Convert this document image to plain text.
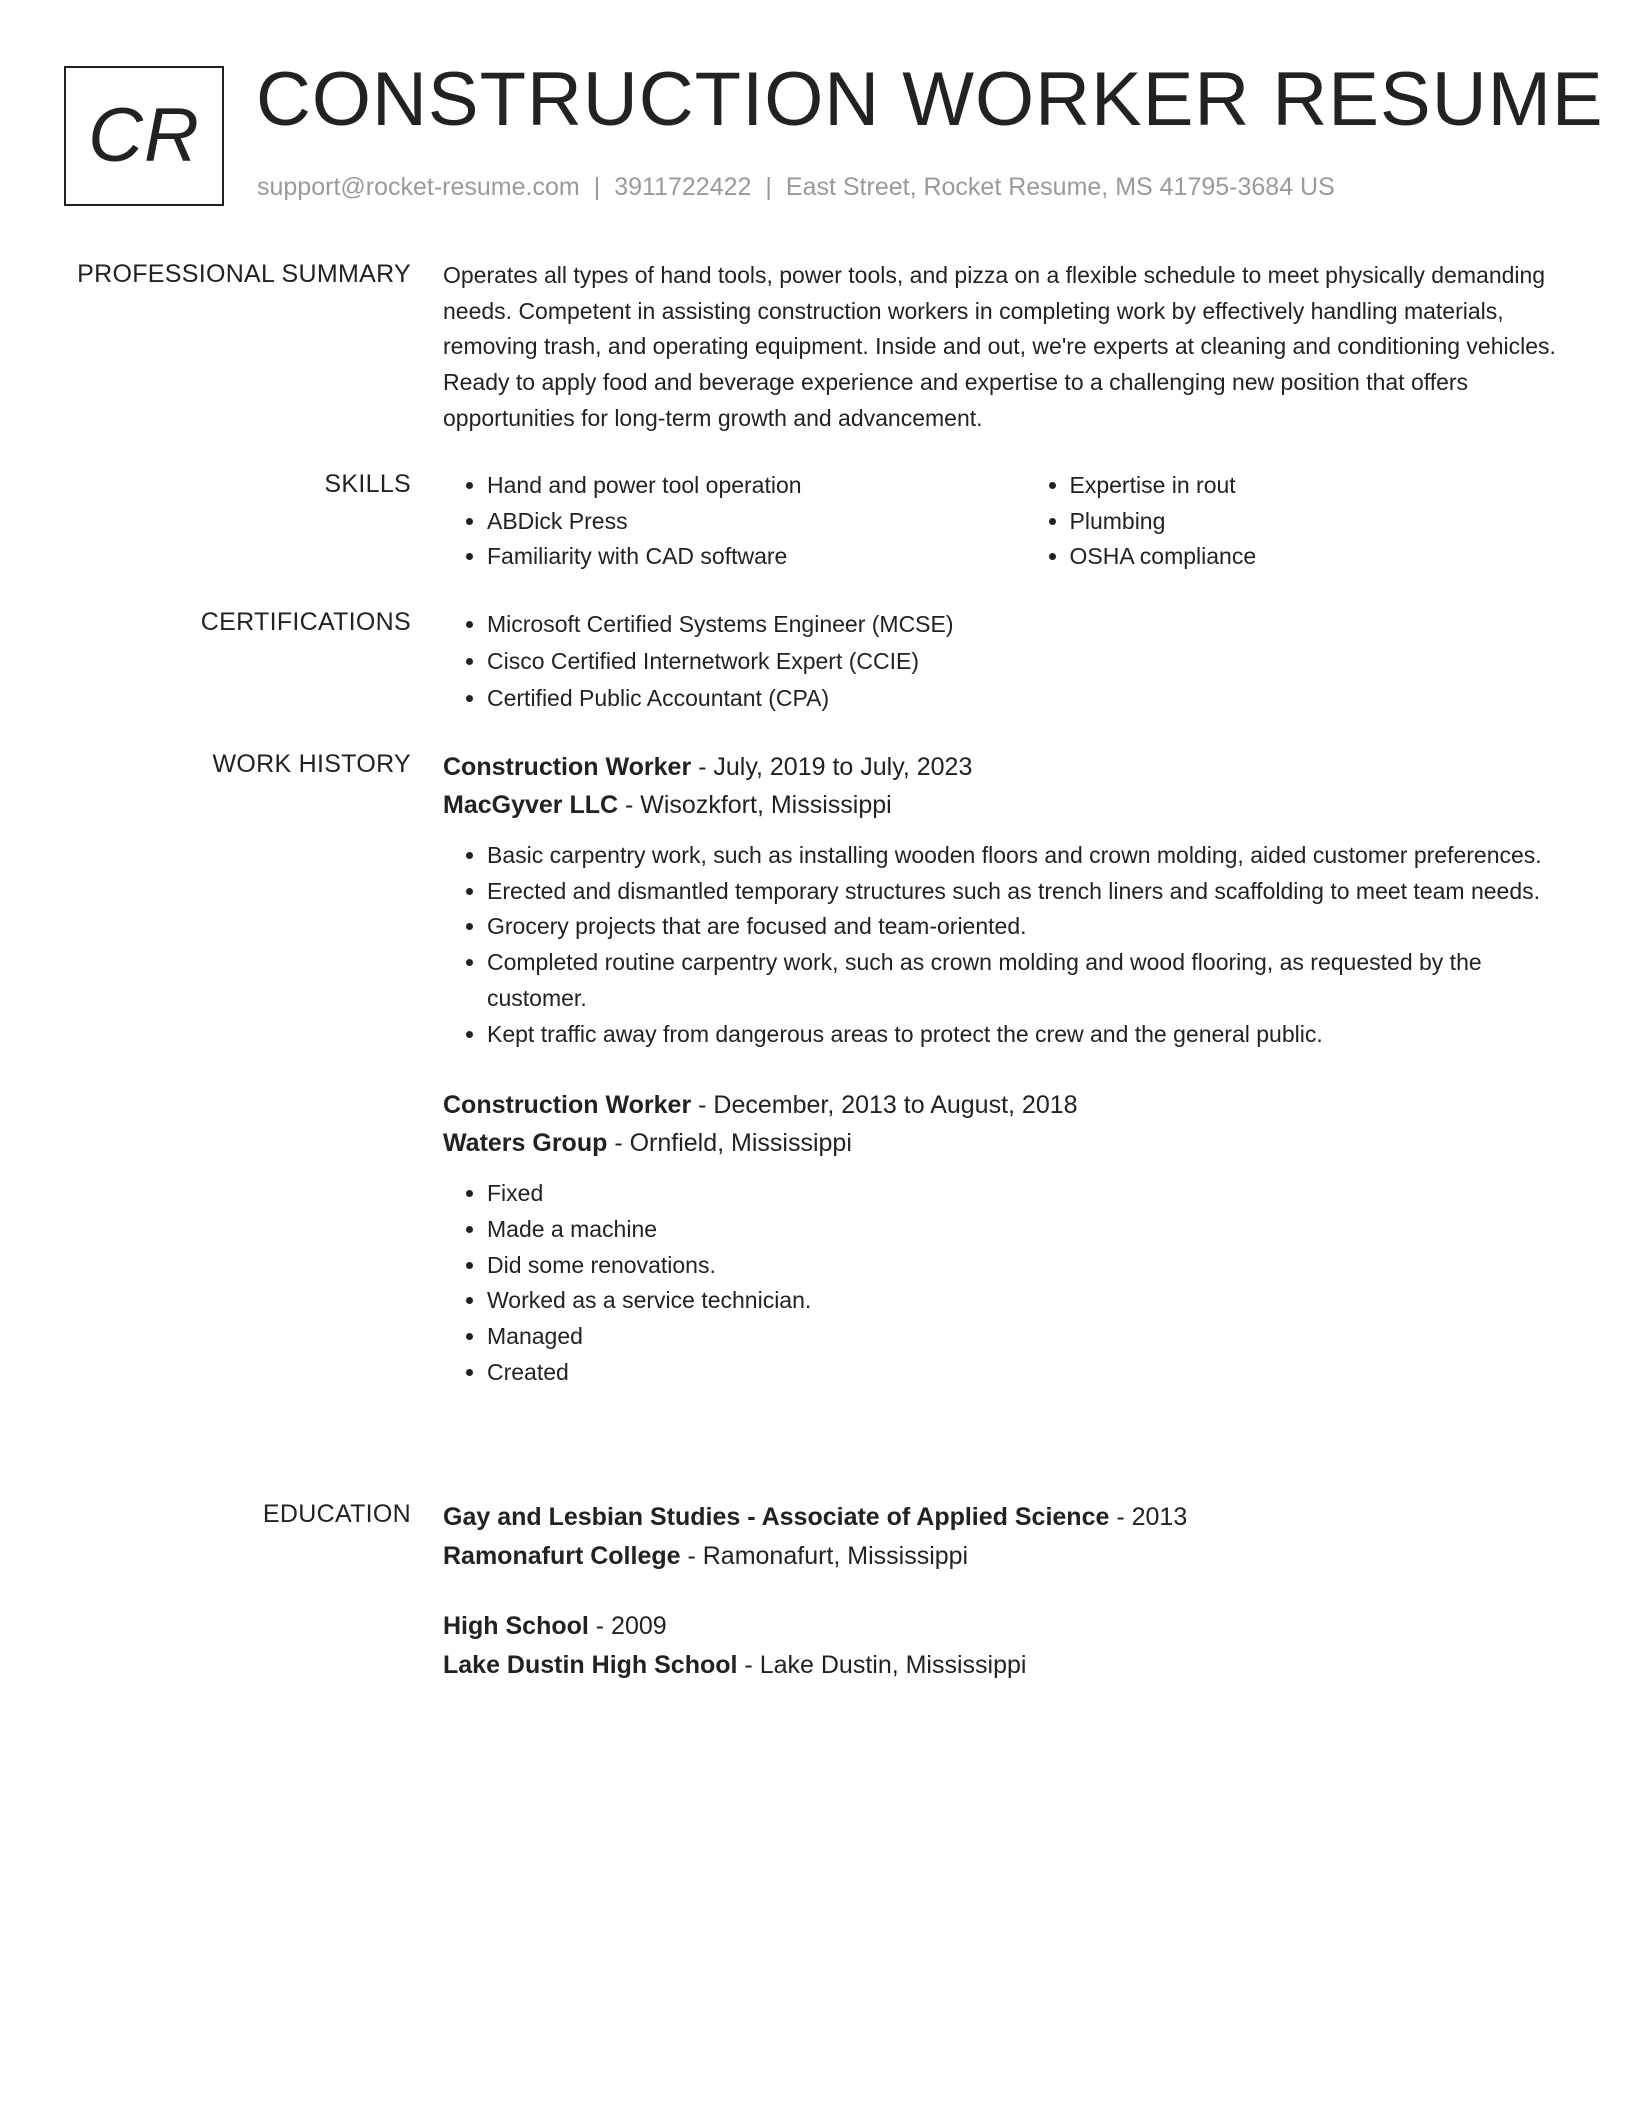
CR CONSTRUCTION WORKER RESUME
support@rocket-resume.com | 3911722422 | East Street, Rocket Resume, MS 41795-3684 US
PROFESSIONAL SUMMARY Operates all types of hand tools, power tools, and pizza on a flexible schedule to meet physically demanding needs. Competent in assisting construction workers in completing work by effectively handling materials, removing trash, and operating equipment. Inside and out, we're experts at cleaning and conditioning vehicles. Ready to apply food and beverage experience and expertise to a challenging new position that offers opportunities for long-term growth and advancement.
SKILLS	• Hand and power tool operation
• ABDick Press
• Familiarity with CAD software
• Expertise in rout
• Plumbing
• OSHA compliance
CERTIFICATIONS	• Microsoft Certified Systems Engineer (MCSE)
• Cisco Certified Internetwork Expert (CCIE)
• Certified Public Accountant (CPA)
WORK HISTORY Construction Worker - July, 2019 to July, 2023
MacGyver LLC - Wisozkfort, Mississippi
• Basic carpentry work, such as installing wooden floors and crown molding, aided customer preferences.
• Erected and dismantled temporary structures such as trench liners and scaffolding to meet team needs.
• Grocery projects that are focused and team-oriented.
• Completed routine carpentry work, such as crown molding and wood flooring, as requested by the customer.
• Kept traffic away from dangerous areas to protect the crew and the general public.
Construction Worker - December, 2013 to August, 2018
Waters Group - Ornfield, Mississippi
• Fixed
• Made a machine
• Did some renovations.
• Worked as a service technician.
• Managed
• Created
EDUCATION Gay and Lesbian Studies - Associate of Applied Science - 2013
Ramonafurt College - Ramonafurt, Mississippi
High School - 2009
Lake Dustin High School - Lake Dustin, Mississippi
